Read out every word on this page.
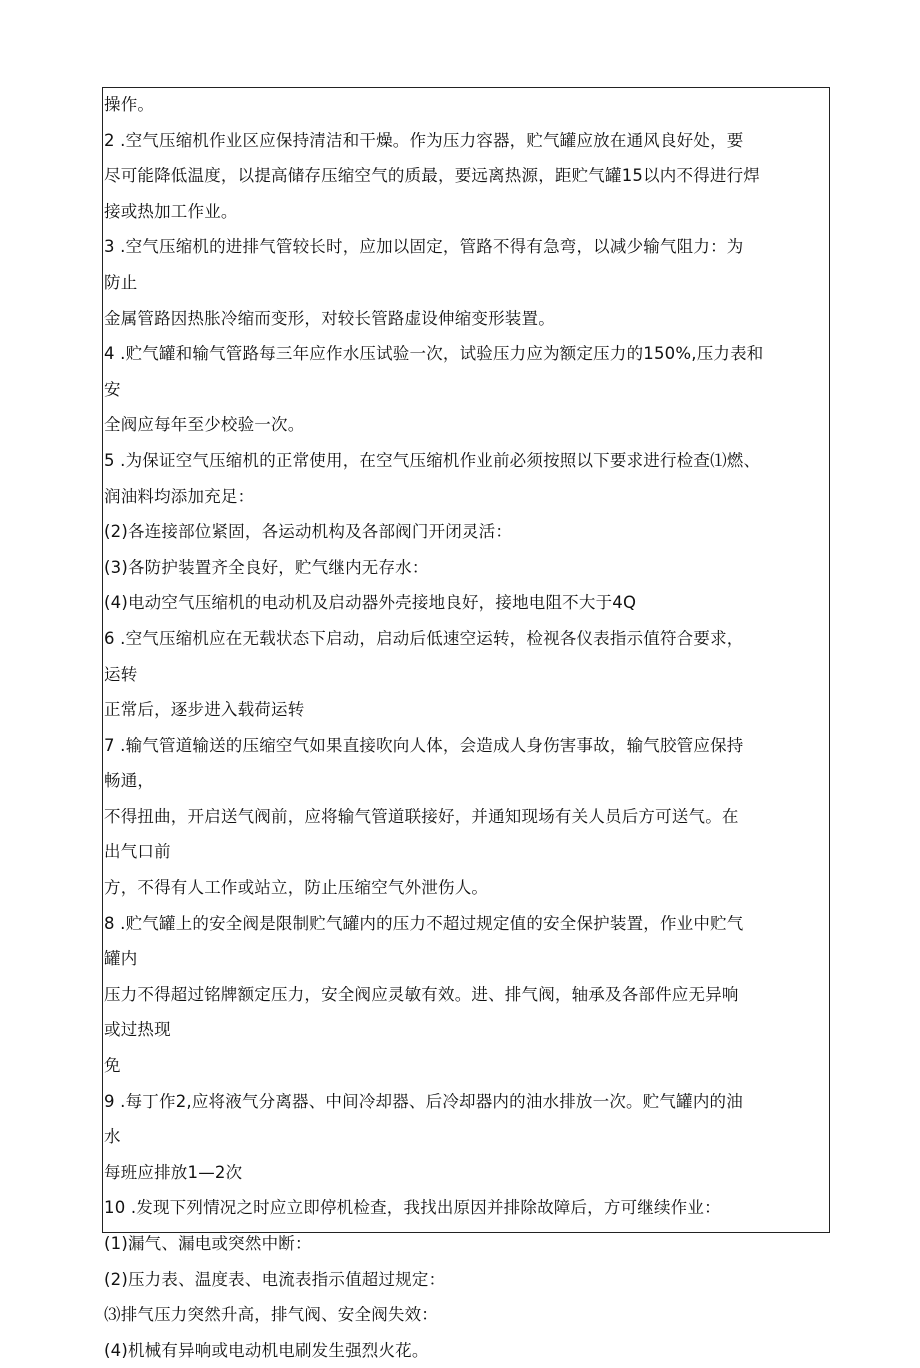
操作。
2 .空气压缩机作业区应保持清洁和干燥。作为压力容器，贮气罐应放在通风良好处，要
尽可能降低温度，以提高储存压缩空气的质最，要远离热源，距贮气罐15以内不得进行焊
接或热加工作业。
3 .空气压缩机的进排气管较长时，应加以固定，管路不得有急弯，以减少输气阻力：为
防止
金属管路因热胀冷缩而变形，对较长管路虚设伸缩变形装置。
4 .贮气罐和输气管路每三年应作水压试验一次，试验压力应为额定压力的150%,压力表和
安
全阀应每年至少校验一次。
5 .为保证空气压缩机的正常使用，在空气压缩机作业前必须按照以下要求进行检查⑴燃、
润油料均添加充足：
(2)各连接部位紧固，各运动机构及各部阀门开闭灵活：
(3)各防护装置齐全良好，贮气继内无存水：
(4)电动空气压缩机的电动机及启动器外壳接地良好，接地电阻不大于4Q
6 .空气压缩机应在无载状态下启动，启动后低速空运转，检视各仪表指示值符合要求，
运转
正常后，逐步进入载荷运转
7 .输气管道输送的压缩空气如果直接吹向人体，会造成人身伤害事故，输气胶管应保持
畅通，
不得扭曲，开启送气阀前，应将输气管道联接好，并通知现场有关人员后方可送气。在
出气口前
方，不得有人工作或站立，防止压缩空气外泄伤人。
8 .贮气罐上的安全阀是限制贮气罐内的压力不超过规定值的安全保护装置，作业中贮气
罐内
压力不得超过铭牌额定压力，安全阀应灵敏有效。进、排气阀，轴承及各部件应无异响
或过热现
免
9 .每丁作2,应将液气分离器、中间冷却器、后冷却器内的油水排放一次。贮气罐内的油
水
每班应排放1—2次
10 .发现下列情况之时应立即停机检查，我找出原因并排除故障后，方可继续作业：
(1)漏气、漏电或突然中断：
(2)压力表、温度表、电流表指示值超过规定：
⑶排气压力突然升高，排气阀、安全阀失效：
(4)机械有异响或电动机电刷发生强烈火花。
